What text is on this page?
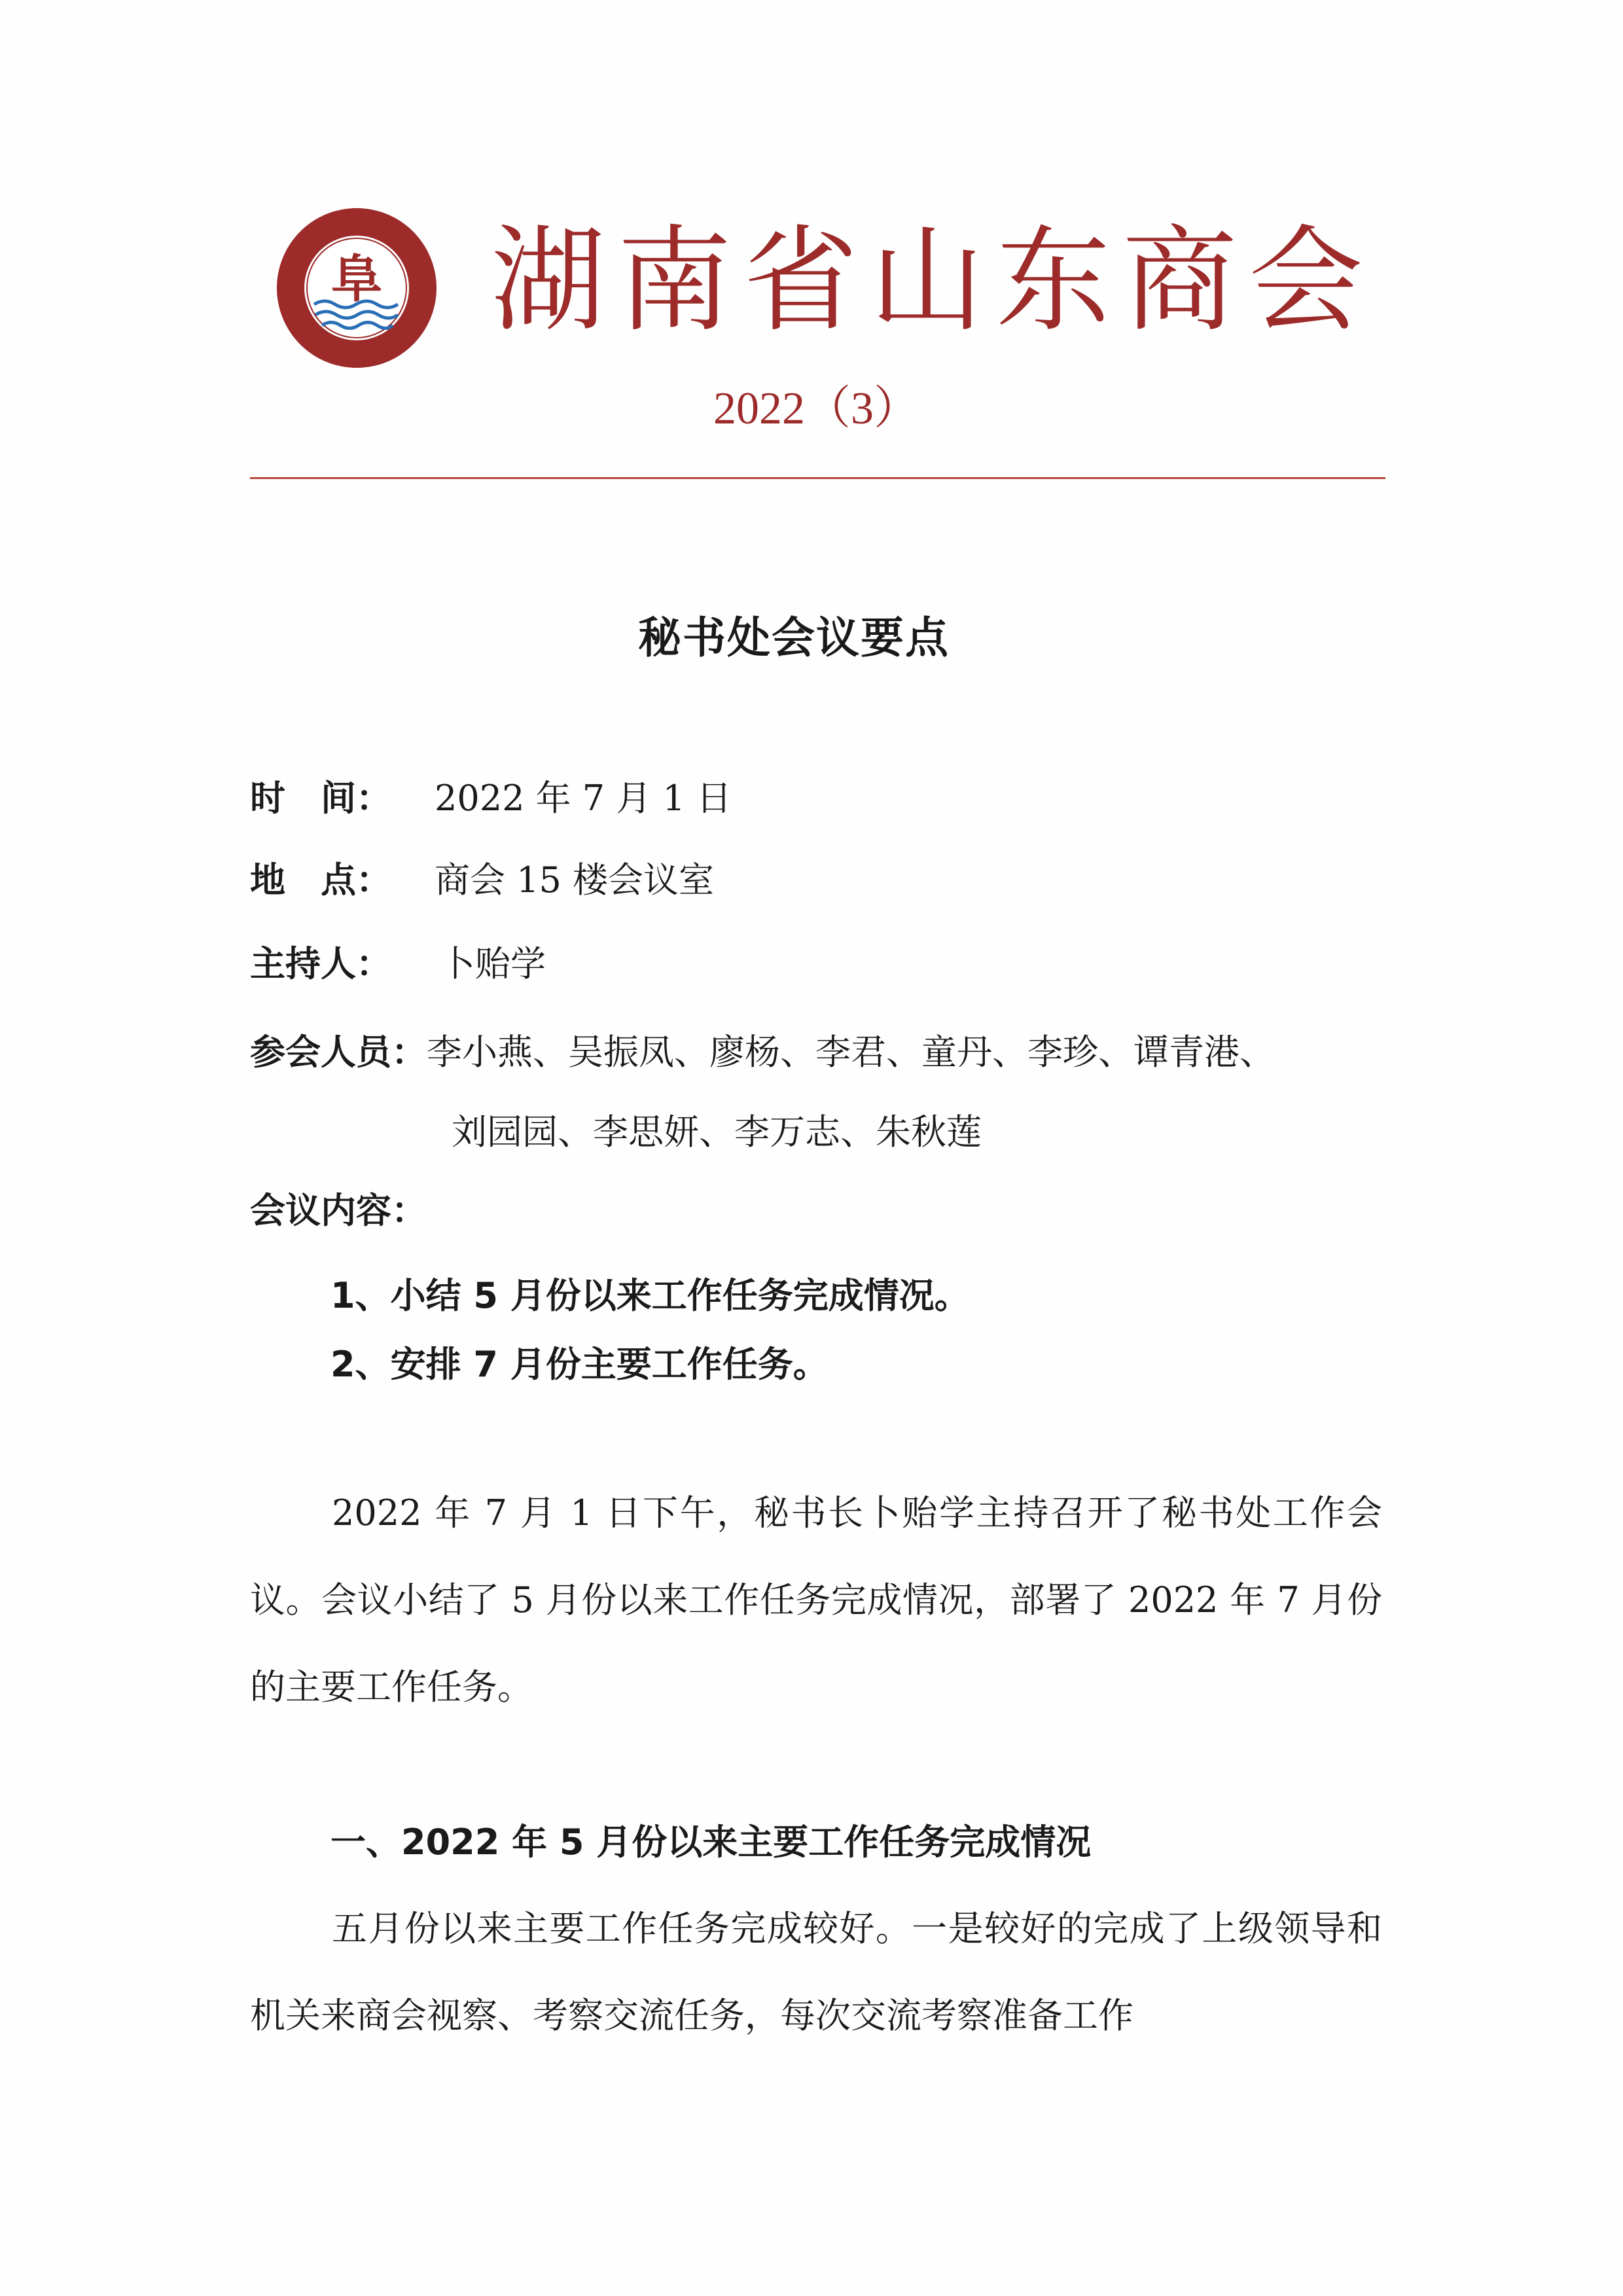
阜 湖南省山东商会
2022（3）
秘书处会议要点
时　间： 2022 年 7 月 1 日
地　点： 商会 15 楼会议室
主持人： 卜贻学
参会人员：李小燕、吴振凤、廖杨、李君、童丹、李珍、谭青港、
刘园园、李思妍、李万志、朱秋莲
会议内容：
1、小结 5 月份以来工作任务完成情况。
2、安排 7 月份主要工作任务。
2022 年 7 月 1 日下午，秘书长卜贻学主持召开了秘书处工作会议。会议小结了 5 月份以来工作任务完成情况，部署了 2022 年 7 月份的主要工作任务。
一、2022 年 5 月份以来主要工作任务完成情况
五月份以来主要工作任务完成较好。一是较好的完成了上级领导和机关来商会视察、考察交流任务，每次交流考察准备工作
